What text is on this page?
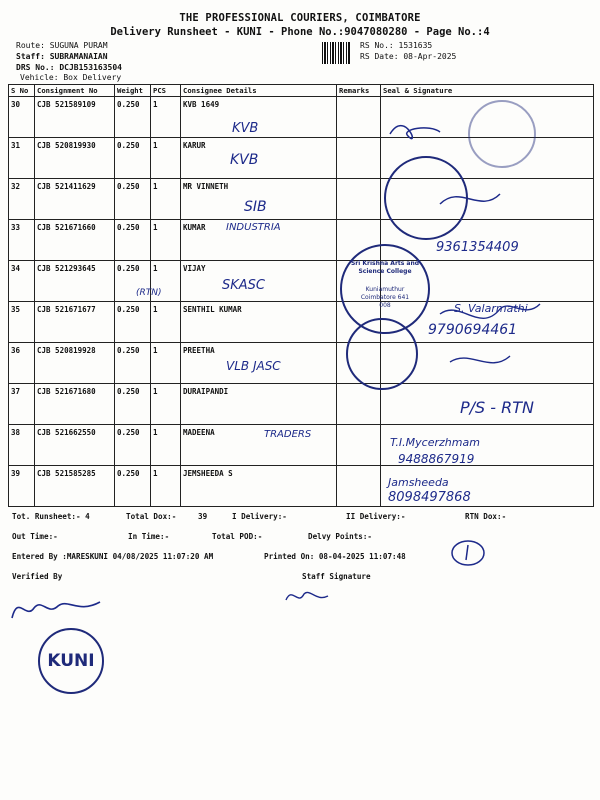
THE PROFESSIONAL COURIERS, COIMBATORE
Delivery Runsheet - KUNI - Phone No.:9047080280 - Page No.:4
Route: SUGUNA PURAM
Staff: SUBRAMANAIAN
DRS No.: DCJB153163504
Vehicle: Box Delivery
RS No.: 1531635
RS Date: 08-Apr-2025
S No	Consignment No	Weight	PCS	Consignee Details	Remarks	Seal & Signature
30	CJB 521589109	0.250	1	KVB 1649		
31	CJB 520819930	0.250	1	KARUR		
32	CJB 521411629	0.250	1	MR VINNETH		
33	CJB 521671660	0.250	1	KUMAR		
34	CJB 521293645	0.250	1	VIJAY		
35	CJB 521671677	0.250	1	SENTHIL KUMAR		
36	CJB 520819928	0.250	1	PREETHA		
37	CJB 521671680	0.250	1	DURAIPANDI		
38	CJB 521662550	0.250	1	MADEENA		
39	CJB 521585285	0.250	1	JEMSHEEDA S		
KVB
KVB
SIB
INDUSTRIA
9361354409
SKASC
(RTN)
S. Valarmathi
9790694461
VLB JASC
P/S - RTN
TRADERS
T.I.Mycerzhmam
9488867919
Jamsheeda
8098497868
Sri Krishna Arts and Science College
Kuniamuthur Coimbatore 641 008
Tot. Runsheet:- 4	Total Dox:-	39	I Delivery:-	II Delivery:-	RTN Dox:-
Out Time:-	In Time:-	Total POD:-	Delvy Points:-
Entered By :MARESKUNI 04/08/2025 11:07:20 AM	Printed On: 08-04-2025 11:07:48
Verified By	Staff Signature
KUNI
